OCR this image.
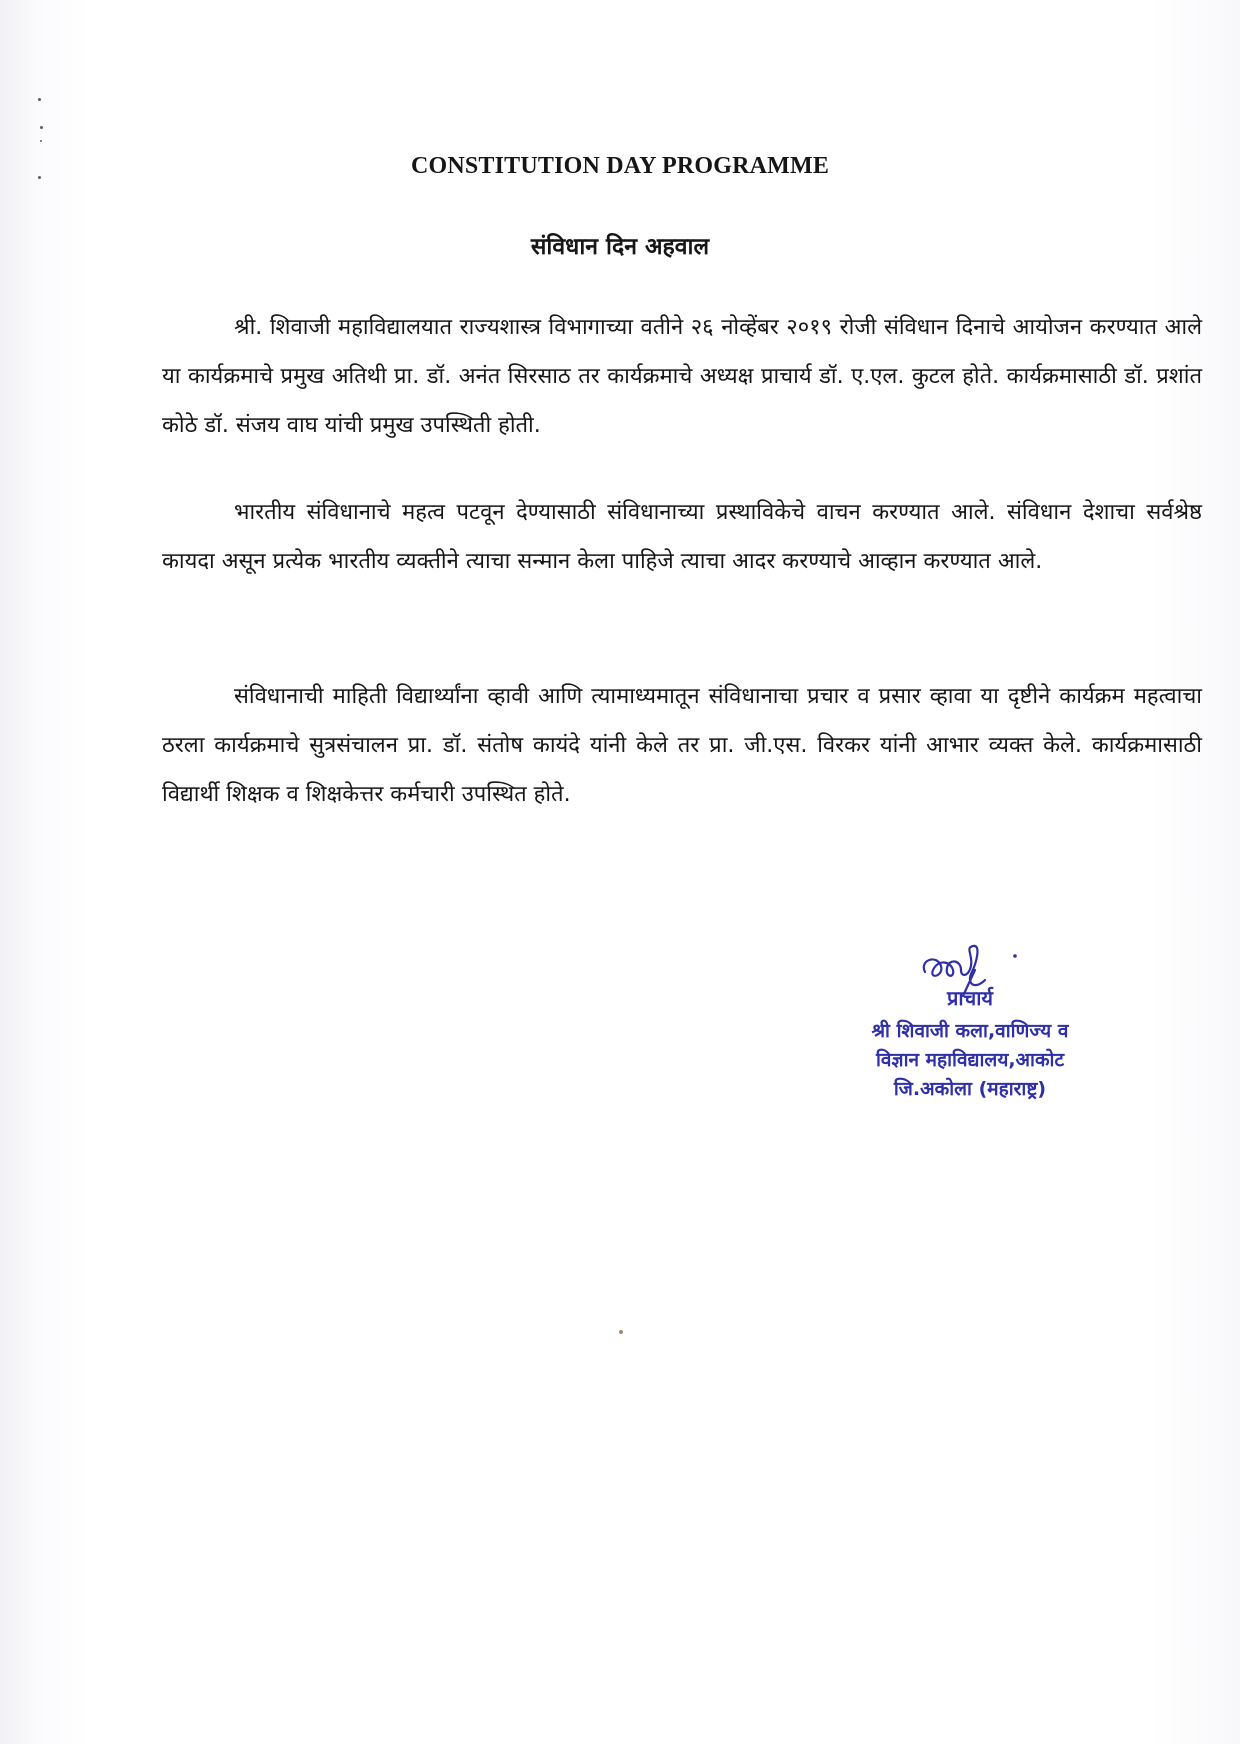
CONSTITUTION DAY PROGRAMME
संविधान दिन अहवाल

श्री. शिवाजी महाविद्यालयात राज्यशास्त्र विभागाच्या वतीने २६ नोव्हेंबर २०१९ रोजी संविधान दिनाचे आयोजन करण्यात आले या कार्यक्रमाचे प्रमुख अतिथी प्रा. डॉ. अनंत सिरसाठ तर कार्यक्रमाचे अध्यक्ष प्राचार्य डॉ. ए.एल. कुटल होते. कार्यक्रमासाठी डॉ. प्रशांत कोठे डॉ. संजय वाघ यांची प्रमुख उपस्थिती होती.

भारतीय संविधानाचे महत्व पटवून देण्यासाठी संविधानाच्या प्रस्थाविकेचे वाचन करण्यात आले. संविधान देशाचा सर्वश्रेष्ठ कायदा असून प्रत्येक भारतीय व्यक्तीने त्याचा सन्मान केला पाहिजे त्याचा आदर करण्याचे आव्हान करण्यात आले.

संविधानाची माहिती विद्यार्थ्यांना व्हावी आणि त्यामाध्यमातून संविधानाचा प्रचार व प्रसार व्हावा या दृष्टीने कार्यक्रम महत्वाचा ठरला कार्यक्रमाचे सुत्रसंचालन प्रा. डॉ. संतोष कायंदे यांनी केले तर प्रा. जी.एस. विरकर यांनी आभार व्यक्त केले. कार्यक्रमासाठी विद्यार्थी शिक्षक व शिक्षकेत्तर कर्मचारी उपस्थित होते.

प्राचार्य
श्री शिवाजी कला,वाणिज्य व
विज्ञान महाविद्यालय,आकोट
जि.अकोला (महाराष्ट्र)
